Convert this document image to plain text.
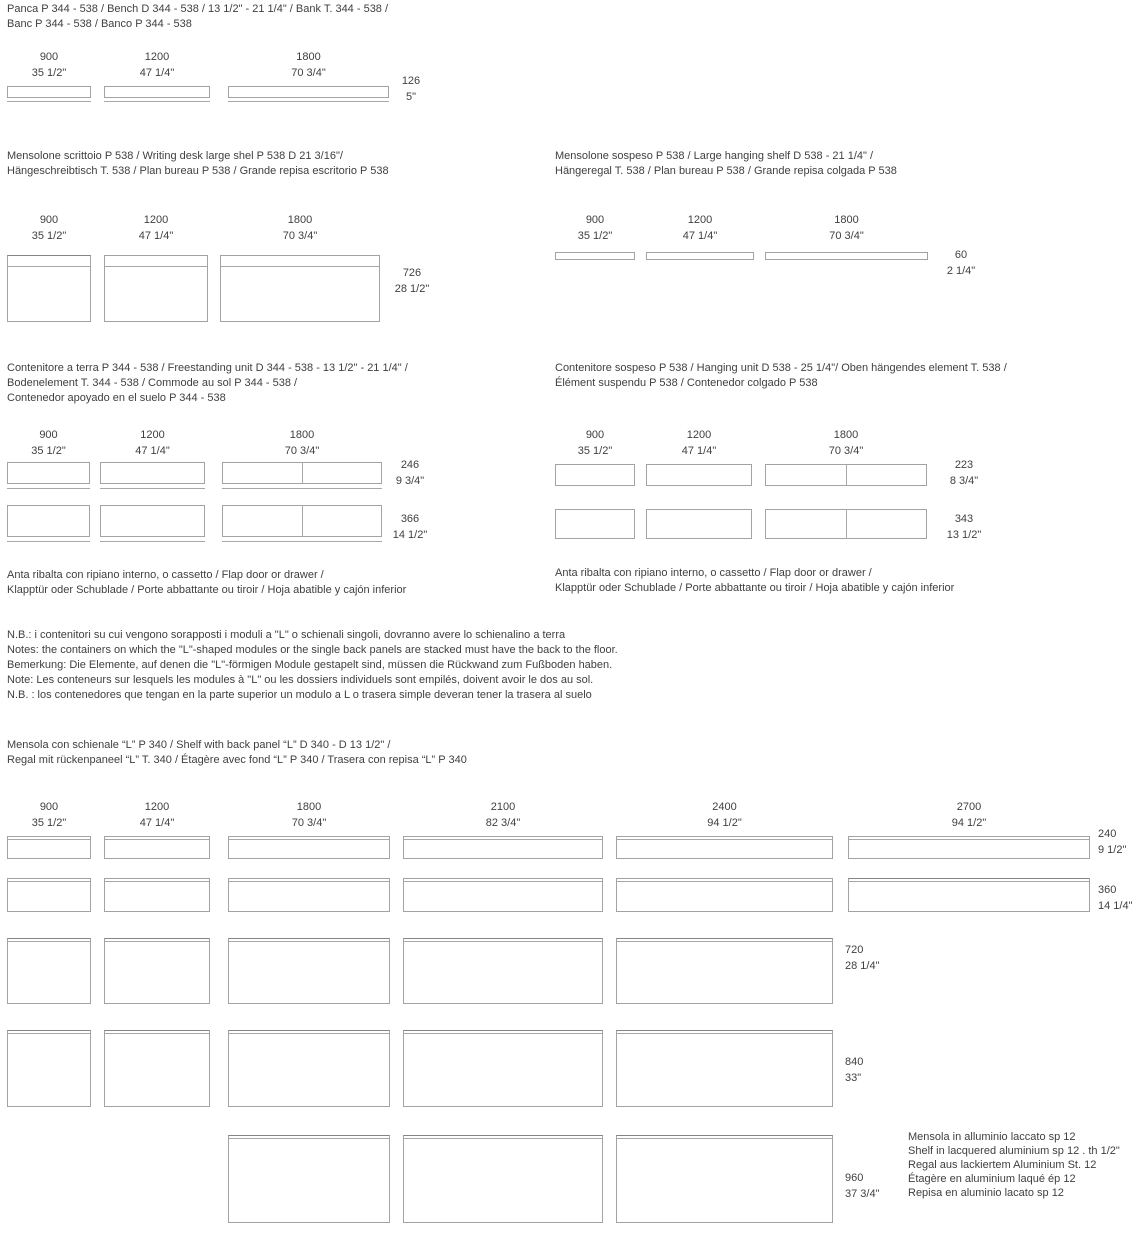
Panca P 344 - 538 / Bench D 344 - 538 / 13 1/2" - 21 1/4" / Bank T. 344 - 538 /
Banc P 344 - 538 / Banco P 344 - 538
900
35 1/2"
1200
47 1/4"
1800
70 3/4"
126
5"
Mensolone scrittoio P 538 / Writing desk large shel P 538 D 21 3/16"/
Hängeschreibtisch T. 538 / Plan bureau P 538 / Grande repisa escritorio P 538
900
35 1/2"
1200
47 1/4"
1800
70 3/4"
726
28 1/2"
Mensolone sospeso P 538 / Large hanging shelf D 538 - 21 1/4" /
Hängeregal T. 538 / Plan bureau P 538 / Grande repisa colgada P 538
900
35 1/2"
1200
47 1/4"
1800
70 3/4"
60
2 1/4"
Contenitore a terra P 344 - 538 / Freestanding unit D 344 - 538 - 13 1/2" - 21 1/4" /
Bodenelement T. 344 - 538 / Commode au sol P 344 - 538 /
Contenedor apoyado en el suelo P 344 - 538
900
35 1/2"
1200
47 1/4"
1800
70 3/4"
246
9 3/4"
366
14 1/2"
Contenitore sospeso P 538 / Hanging unit D 538 - 25 1/4"/ Oben hängendes element T. 538 /
Élément suspendu P 538 / Contenedor colgado P 538
900
35 1/2"
1200
47 1/4"
1800
70 3/4"
223
8 3/4"
343
13 1/2"
Anta ribalta con ripiano interno, o cassetto / Flap door or drawer /
Klapptür oder Schublade / Porte abbattante ou tiroir / Hoja abatible y cajón inferior
Anta ribalta con ripiano interno, o cassetto / Flap door or drawer /
Klapptür oder Schublade / Porte abbattante ou tiroir / Hoja abatible y cajón inferior
N.B.: i contenitori su cui vengono sorapposti i moduli a "L" o schienali singoli, dovranno avere lo schienalino a terra
Notes: the containers on which the "L"-shaped modules or the single back panels are stacked must have the back to the floor.
Bemerkung: Die Elemente, auf denen die "L"-förmigen Module gestapelt sind, müssen die Rückwand zum Fußboden haben.
Note: Les conteneurs sur lesquels les modules à "L" ou les dossiers individuels sont empilés, doivent avoir le dos au sol.
N.B. : los contenedores que tengan en la parte superior un modulo a L o trasera simple deveran tener la trasera al suelo
Mensola con schienale “L” P 340 / Shelf with back panel “L” D 340 - D 13 1/2" /
Regal mit rückenpaneel “L” T. 340 / Étagère avec fond “L” P 340 / Trasera con repisa “L” P 340
900
35 1/2"
1200
47 1/4"
1800
70 3/4"
2100
82 3/4"
2400
94 1/2"
2700
94 1/2"
240
9 1/2"
360
14 1/4"
720
28 1/4"
840
33"
960
37 3/4"
Mensola in alluminio laccato sp 12
Shelf in lacquered aluminium sp 12 . th 1/2"
Regal aus lackiertem Aluminium St. 12
Étagère en aluminium laqué ép 12
Repisa en aluminio lacato sp 12
